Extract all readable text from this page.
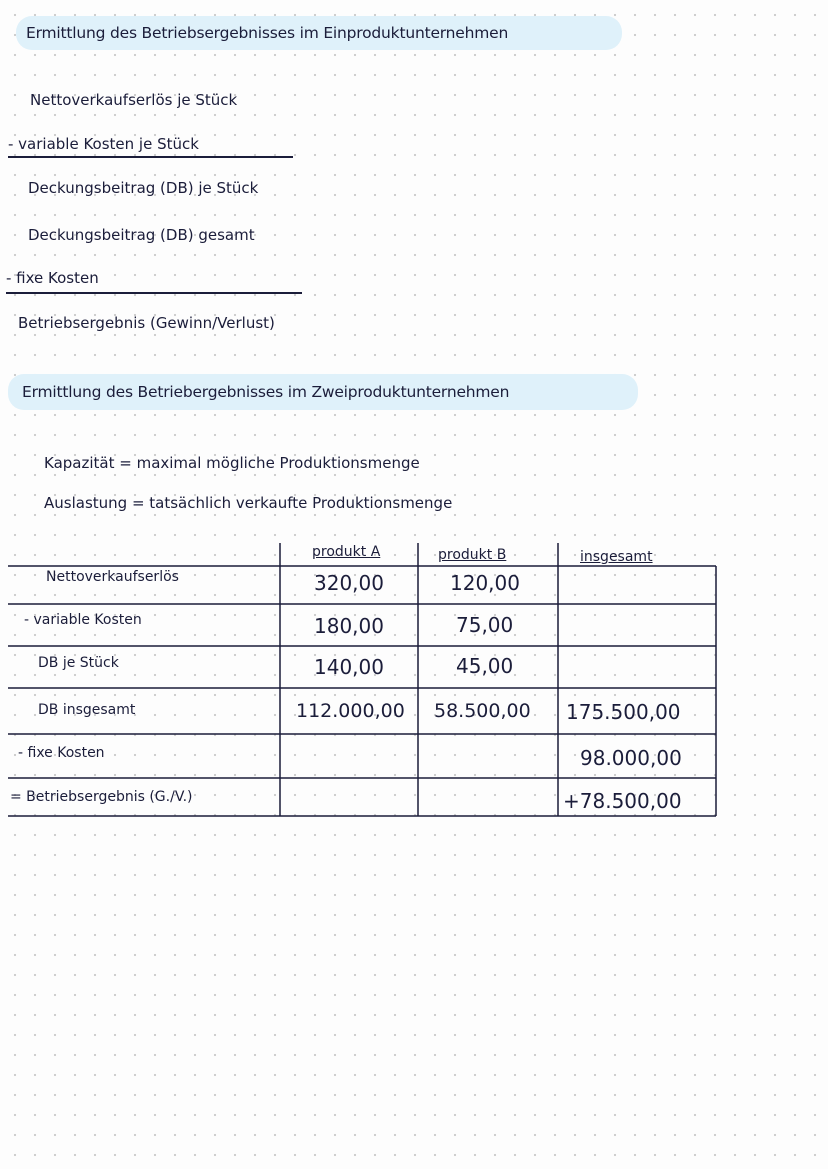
Ermittlung des Betriebsergebnisses im Einproduktunternehmen
Nettoverkaufserlös je Stück
- variable Kosten je Stück
Deckungsbeitrag (DB) je Stück
Deckungsbeitrag (DB) gesamt
- fixe Kosten
Betriebsergebnis (Gewinn/Verlust)
Ermittlung des Betriebergebnisses im Zweiproduktunternehmen
Kapazität = maximal mögliche Produktionsmenge
Auslastung = tatsächlich verkaufte Produktionsmenge
produkt A	produkt B	insgesamt
Nettoverkaufserlös
- variable Kosten
DB je Stück
DB insgesamt
- fixe Kosten
= Betriebsergebnis (G./V.)
320,00
180,00
140,00
112.000,00
120,00
75,00
45,00
58.500,00 175.500,00
98.000,00
+78.500,00
